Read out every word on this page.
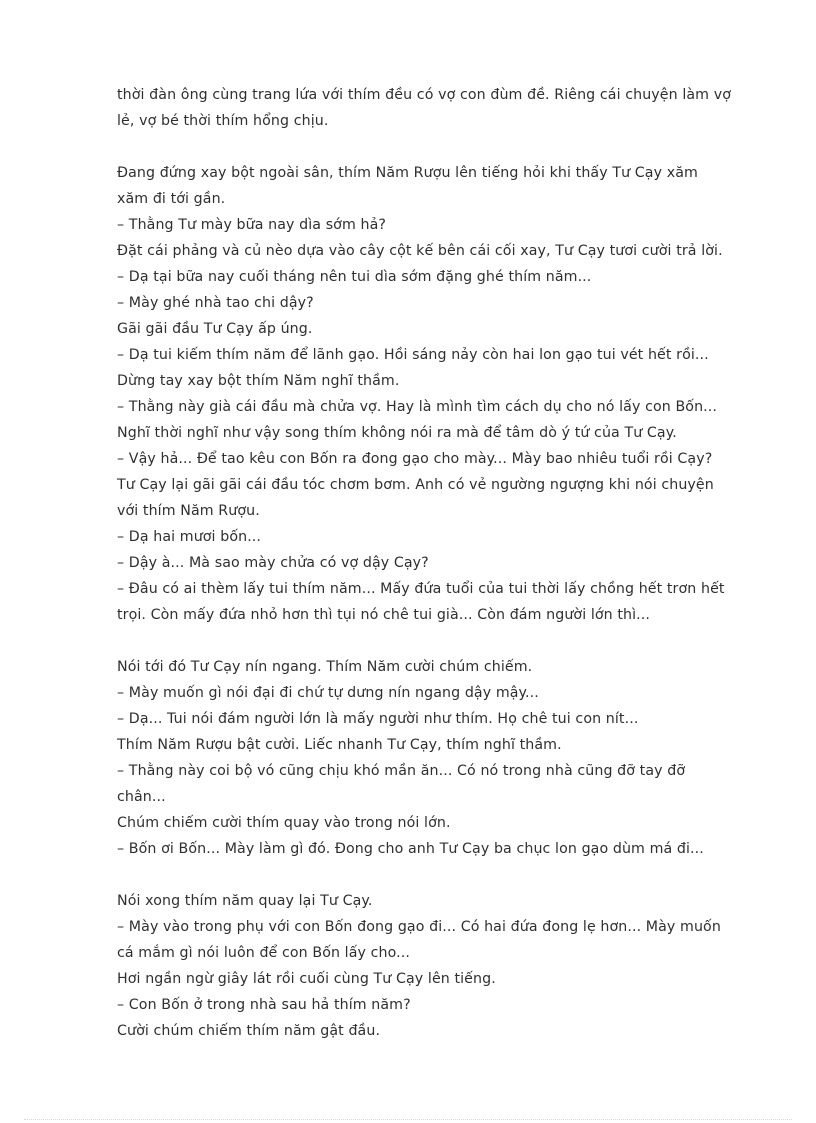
thời đàn ông cùng trang lứa với thím đều có vợ con đùm đề. Riêng cái chuyện làm vợ
lẻ, vợ bé thời thím hổng chịu.
Đang đứng xay bột ngoài sân, thím Năm Rượu lên tiếng hỏi khi thấy Tư Cạy xăm
xăm đi tới gần.
– Thằng Tư mày bữa nay dìa sớm hả?
Đặt cái phảng và củ nèo dựa vào cây cột kế bên cái cối xay, Tư Cạy tươi cười trả lời.
– Dạ tại bữa nay cuối tháng nên tui dìa sớm đặng ghé thím năm...
– Mày ghé nhà tao chi dậy?
Gãi gãi đầu Tư Cạy ấp úng.
– Dạ tui kiếm thím năm để lãnh gạo. Hồi sáng nảy còn hai lon gạo tui vét hết rồi...
Dừng tay xay bột thím Năm nghĩ thầm.
– Thằng này già cái đầu mà chửa vợ. Hay là mình tìm cách dụ cho nó lấy con Bốn...
Nghĩ thời nghĩ như vậy song thím không nói ra mà để tâm dò ý tứ của Tư Cạy.
– Vậy hả... Để tao kêu con Bốn ra đong gạo cho mày... Mày bao nhiêu tuổi rồi Cạy?
Tư Cạy lại gãi gãi cái đầu tóc chơm bơm. Anh có vẻ ngường ngượng khi nói chuyện
với thím Năm Rượu.
– Dạ hai mươi bốn...
– Dậy à... Mà sao mày chửa có vợ dậy Cạy?
– Đâu có ai thèm lấy tui thím năm... Mấy đứa tuổi của tui thời lấy chồng hết trơn hết
trọi. Còn mấy đứa nhỏ hơn thì tụi nó chê tui già... Còn đám người lớn thì...
Nói tới đó Tư Cạy nín ngang. Thím Năm cười chúm chiếm.
– Mày muốn gì nói đại đi chứ tự dưng nín ngang dậy mậy...
– Dạ... Tui nói đám người lớn là mấy người như thím. Họ chê tui con nít...
Thím Năm Rượu bật cười. Liếc nhanh Tư Cạy, thím nghĩ thầm.
– Thằng này coi bộ vó cũng chịu khó mần ăn... Có nó trong nhà cũng đỡ tay đỡ
chân...
Chúm chiếm cười thím quay vào trong nói lớn.
– Bốn ơi Bốn... Mày làm gì đó. Đong cho anh Tư Cạy ba chục lon gạo dùm má đi...
Nói xong thím năm quay lại Tư Cạy.
– Mày vào trong phụ với con Bốn đong gạo đi... Có hai đứa đong lẹ hơn... Mày muốn
cá mắm gì nói luôn để con Bốn lấy cho...
Hơi ngần ngừ giây lát rồi cuối cùng Tư Cạy lên tiếng.
– Con Bốn ở trong nhà sau hả thím năm?
Cười chúm chiếm thím năm gật đầu.
